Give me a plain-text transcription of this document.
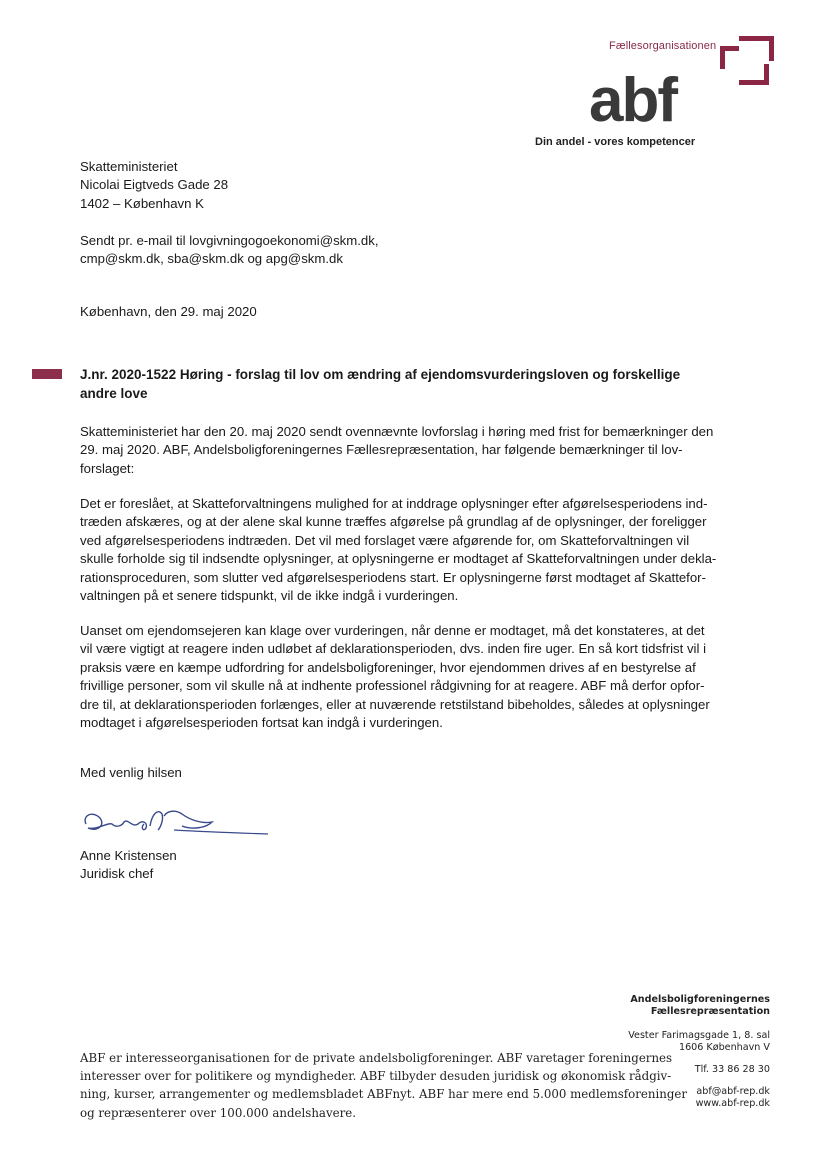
Fællesorganisationen
abf
Din andel - vores kompetencer
Skatteministeriet
Nicolai Eigtveds Gade 28
1402 – København K
Sendt pr. e-mail til lovgivningogoekonomi@skm.dk,
cmp@skm.dk, sba@skm.dk og apg@skm.dk
København, den 29. maj 2020
J.nr. 2020-1522 Høring - forslag til lov om ændring af ejendomsvurderingsloven og forskellige
andre love
Skatteministeriet har den 20. maj 2020 sendt ovennævnte lovforslag i høring med frist for bemærkninger den
29. maj 2020. ABF, Andelsboligforeningernes Fællesrepræsentation, har følgende bemærkninger til lov-
forslaget:
Det er foreslået, at Skatteforvaltningens mulighed for at inddrage oplysninger efter afgørelsesperiodens ind-
træden afskæres, og at der alene skal kunne træffes afgørelse på grundlag af de oplysninger, der foreligger
ved afgørelsesperiodens indtræden. Det vil med forslaget være afgørende for, om Skatteforvaltningen vil
skulle forholde sig til indsendte oplysninger, at oplysningerne er modtaget af Skatteforvaltningen under dekla-
rationsproceduren, som slutter ved afgørelsesperiodens start. Er oplysningerne først modtaget af Skattefor-
valtningen på et senere tidspunkt, vil de ikke indgå i vurderingen.
Uanset om ejendomsejeren kan klage over vurderingen, når denne er modtaget, må det konstateres, at det
vil være vigtigt at reagere inden udløbet af deklarationsperioden, dvs. inden fire uger. En så kort tidsfrist vil i
praksis være en kæmpe udfordring for andelsboligforeninger, hvor ejendommen drives af en bestyrelse af
frivillige personer, som vil skulle nå at indhente professionel rådgivning for at reagere. ABF må derfor opfor-
dre til, at deklarationsperioden forlænges, eller at nuværende retstilstand bibeholdes, således at oplysninger
modtaget i afgørelsesperioden fortsat kan indgå i vurderingen.
Med venlig hilsen
Anne Kristensen
Juridisk chef
Andelsboligforeningernes
Fællesrepræsentation
Vester Farimagsgade 1, 8. sal
1606 København V
Tlf. 33 86 28 30
abf@abf-rep.dk
www.abf-rep.dk
ABF er interesseorganisationen for de private andelsboligforeninger. ABF varetager foreningernes
interesser over for politikere og myndigheder. ABF tilbyder desuden juridisk og økonomisk rådgiv-
ning, kurser, arrangementer og medlemsbladet ABFnyt. ABF har mere end 5.000 medlemsforeninger
og repræsenterer over 100.000 andelshavere.
